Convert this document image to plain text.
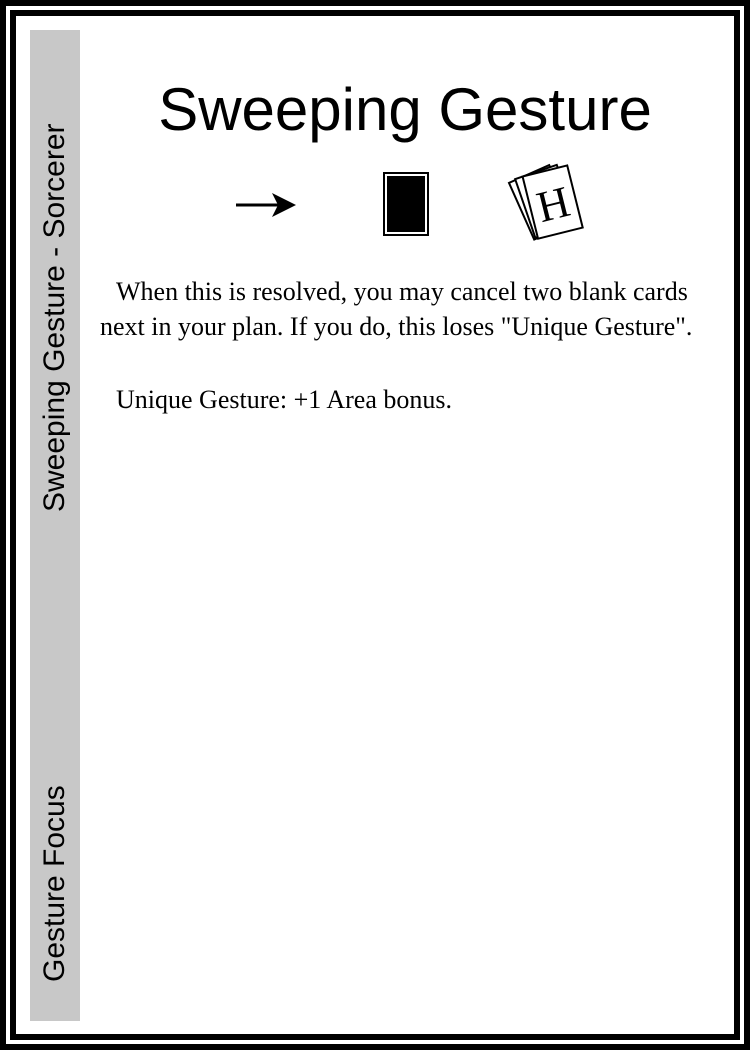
Sweeping Gesture - Sorcerer
Gesture Focus
Sweeping Gesture
H

When this is resolved, you may cancel two blank cards next in your plan. If you do, this loses "Unique Gesture".

Unique Gesture: +1 Area bonus.
